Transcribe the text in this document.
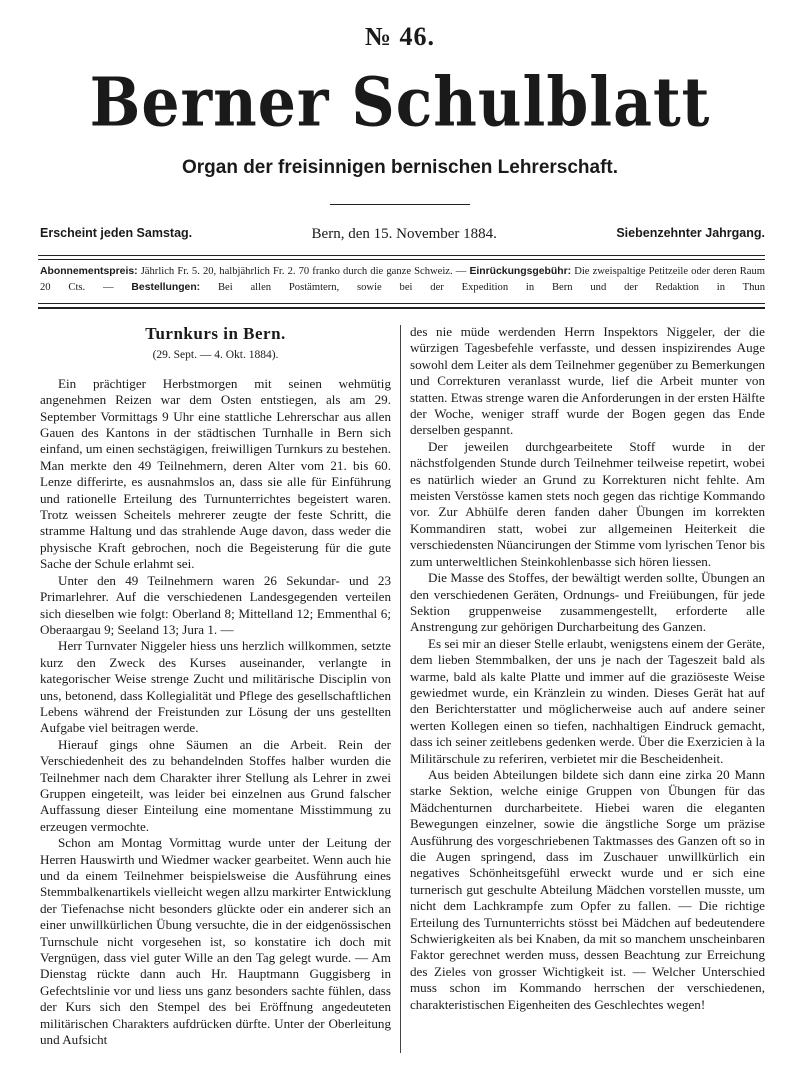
№ 46.
Berner Schulblatt
Organ der freisinnigen bernischen Lehrerschaft.
Erscheint jeden Samstag.	Bern, den 15. November 1884.	Siebenzehnter Jahrgang.
Abonnementspreis: Jährlich Fr. 5. 20, halbjährlich Fr. 2. 70 franko durch die ganze Schweiz. — Einrückungsgebühr: Die zweispaltige Petitzeile oder deren Raum 20 Cts. — Bestellungen: Bei allen Postämtern, sowie bei der Expedition in Bern und der Redaktion in Thun
Turnkurs in Bern.
(29. Sept. — 4. Okt. 1884).

Ein prächtiger Herbstmorgen mit seinen wehmütig angenehmen Reizen war dem Osten entstiegen, als am 29. September Vormittags 9 Uhr eine stattliche Lehrerschar aus allen Gauen des Kantons in der städtischen Turnhalle in Bern sich einfand, um einen sechstägigen, freiwilligen Turnkurs zu bestehen. Man merkte den 49 Teilnehmern, deren Alter vom 21. bis 60. Lenze differirte, es ausnahmslos an, dass sie alle für Einführung und rationelle Erteilung des Turnunterrichtes begeistert waren. Trotz weissen Scheitels mehrerer zeugte der feste Schritt, die stramme Haltung und das strahlende Auge davon, dass weder die physische Kraft gebrochen, noch die Begeisterung für die gute Sache der Schule erlahmt sei.

Unter den 49 Teilnehmern waren 26 Sekundar- und 23 Primarlehrer. Auf die verschiedenen Landesgegenden verteilen sich dieselben wie folgt: Oberland 8; Mittelland 12; Emmenthal 6; Oberaargau 9; Seeland 13; Jura 1. —

Herr Turnvater Niggeler hiess uns herzlich willkommen, setzte kurz den Zweck des Kurses auseinander, verlangte in kategorischer Weise strenge Zucht und militärische Disciplin von uns, betonend, dass Kollegialität und Pflege des gesellschaftlichen Lebens während der Freistunden zur Lösung der uns gestellten Aufgabe viel beitragen werde.

Hierauf gings ohne Säumen an die Arbeit. Rein der Verschiedenheit des zu behandelnden Stoffes halber wurden die Teilnehmer nach dem Charakter ihrer Stellung als Lehrer in zwei Gruppen eingeteilt, was leider bei einzelnen aus Grund falscher Auffassung dieser Einteilung eine momentane Misstimmung zu erzeugen vermochte.

Schon am Montag Vormittag wurde unter der Leitung der Herren Hauswirth und Wiedmer wacker gearbeitet. Wenn auch hie und da einem Teilnehmer beispielsweise die Ausführung eines Stemmbalkenartikels vielleicht wegen allzu markirter Entwicklung der Tiefenachse nicht besonders glückte oder ein anderer sich an einer unwillkürlichen Übung versuchte, die in der eidgenössischen Turnschule nicht vorgesehen ist, so konstatire ich doch mit Vergnügen, dass viel guter Wille an den Tag gelegt wurde. — Am Dienstag rückte dann auch Hr. Hauptmann Guggisberg in Gefechtslinie vor und liess uns ganz besonders sachte fühlen, dass der Kurs sich den Stempel des bei Eröffnung angedeuteten militärischen Charakters aufdrücken dürfte. Unter der Oberleitung und Aufsicht

des nie müde werdenden Herrn Inspektors Niggeler, der die würzigen Tagesbefehle verfasste, und dessen inspizirendes Auge sowohl dem Leiter als dem Teilnehmer gegenüber zu Bemerkungen und Correkturen veranlasst wurde, lief die Arbeit munter von statten. Etwas strenge waren die Anforderungen in der ersten Hälfte der Woche, weniger straff wurde der Bogen gegen das Ende derselben gespannt.

Der jeweilen durchgearbeitete Stoff wurde in der nächstfolgenden Stunde durch Teilnehmer teilweise repetirt, wobei es natürlich wieder an Grund zu Korrekturen nicht fehlte. Am meisten Verstösse kamen stets noch gegen das richtige Kommando vor. Zur Abhülfe deren fanden daher Übungen im korrekten Kommandiren statt, wobei zur allgemeinen Heiterkeit die verschiedensten Nüancirungen der Stimme vom lyrischen Tenor bis zum unterweltlichen Steinkohlenbasse sich hören liessen.

Die Masse des Stoffes, der bewältigt werden sollte, Übungen an den verschiedenen Geräten, Ordnungs- und Freiübungen, für jede Sektion gruppenweise zusammengestellt, erforderte alle Anstrengung zur gehörigen Durcharbeitung des Ganzen.

Es sei mir an dieser Stelle erlaubt, wenigstens einem der Geräte, dem lieben Stemmbalken, der uns je nach der Tageszeit bald als warme, bald als kalte Platte und immer auf die graziöseste Weise gewiedmet wurde, ein Kränzlein zu winden. Dieses Gerät hat auf den Berichterstatter und möglicherweise auch auf andere seiner werten Kollegen einen so tiefen, nachhaltigen Eindruck gemacht, dass ich seiner zeitlebens gedenken werde. Über die Exerzicien à la Militärschule zu referiren, verbietet mir die Bescheidenheit.

Aus beiden Abteilungen bildete sich dann eine zirka 20 Mann starke Sektion, welche einige Gruppen von Übungen für das Mädchenturnen durcharbeitete. Hiebei waren die eleganten Bewegungen einzelner, sowie die ängstliche Sorge um präzise Ausführung des vorgeschriebenen Taktmasses des Ganzen oft so in die Augen springend, dass im Zuschauer unwillkürlich ein negatives Schönheitsgefühl erweckt wurde und er sich eine turnerisch gut geschulte Abteilung Mädchen vorstellen musste, um nicht dem Lachkrampfe zum Opfer zu fallen. — Die richtige Erteilung des Turnunterrichts stösst bei Mädchen auf bedeutendere Schwierigkeiten als bei Knaben, da mit so manchem unscheinbaren Faktor gerechnet werden muss, dessen Beachtung zur Erreichung des Zieles von grosser Wichtigkeit ist. — Welcher Unterschied muss schon im Kommando herrschen der verschiedenen, charakteristischen Eigenheiten des Geschlechtes wegen!
